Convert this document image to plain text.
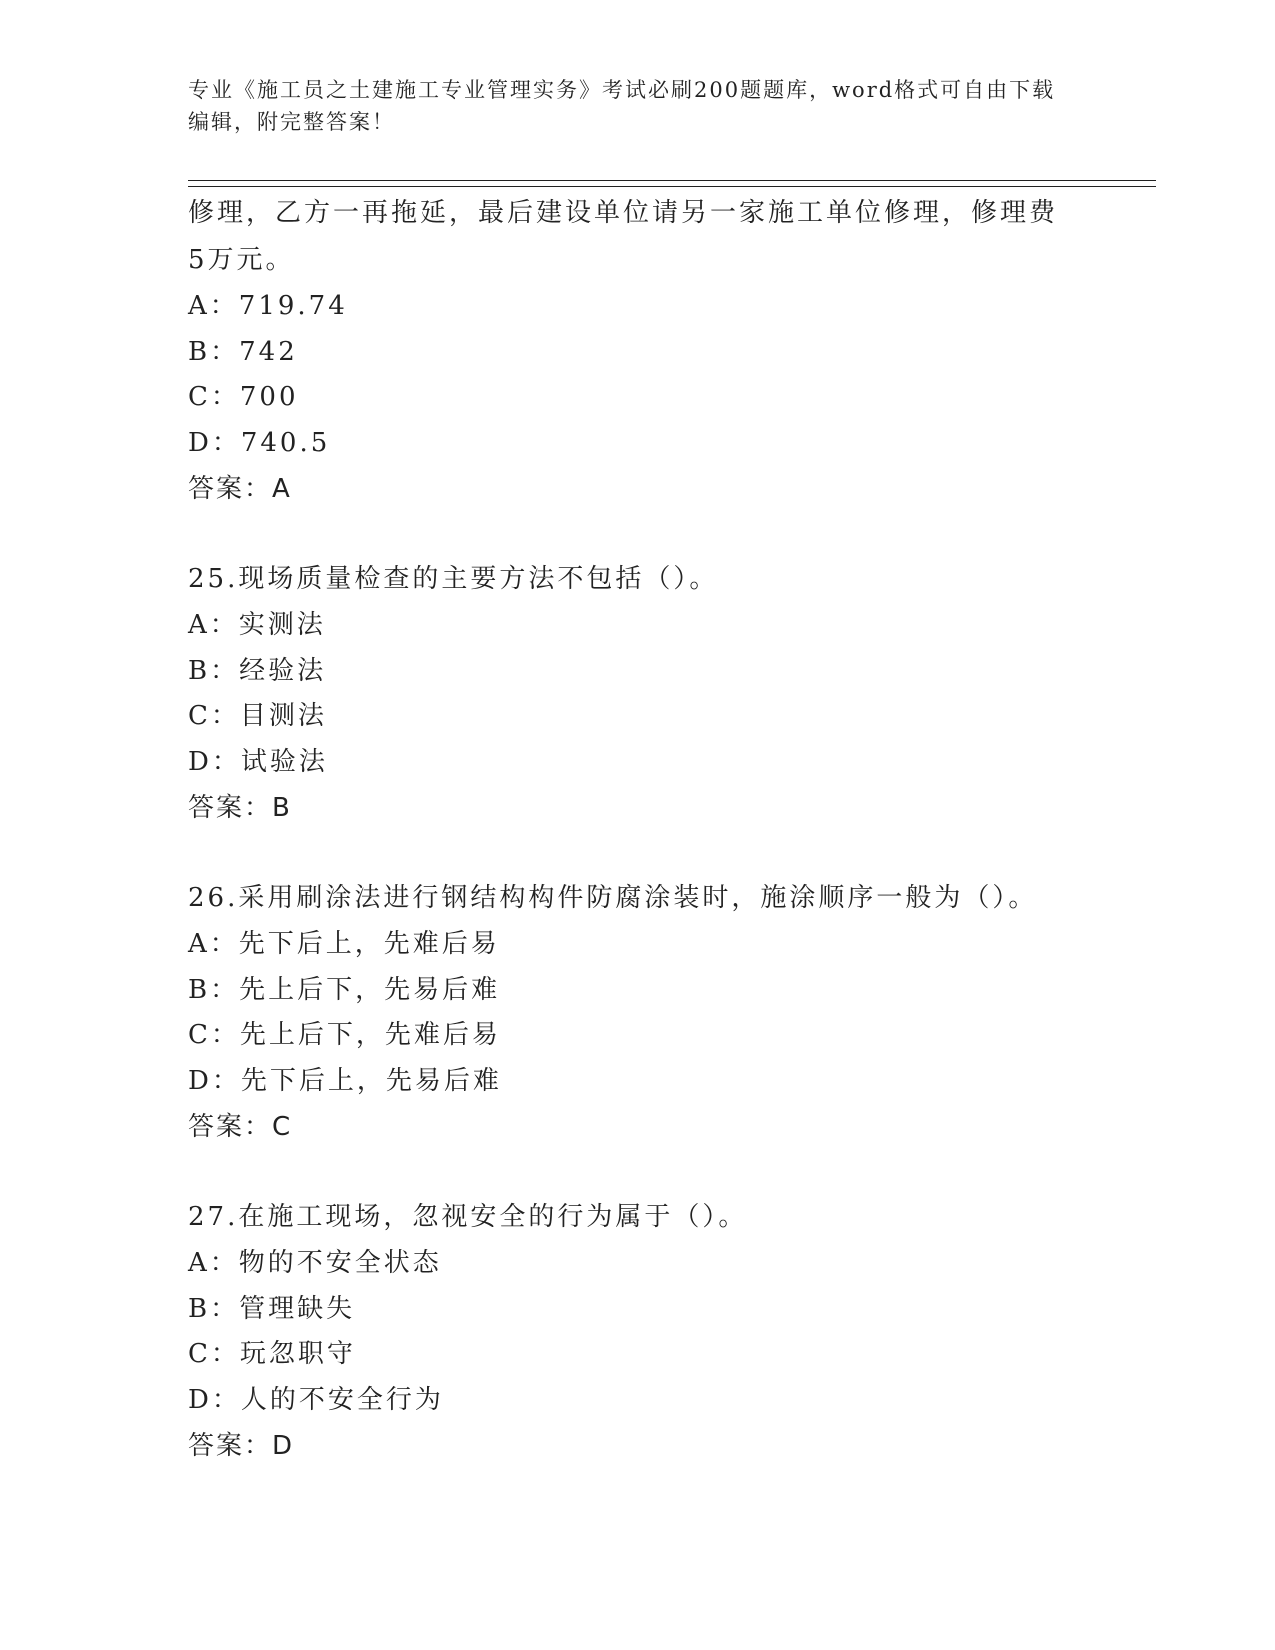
专业《施工员之土建施工专业管理实务》考试必刷200题题库，word格式可自由下载编辑，附完整答案！
修理，乙方一再拖延，最后建设单位请另一家施工单位修理，修理费
5万元。
A：719.74
B：742
C：700
D：740.5
答案：A
25.现场质量检查的主要方法不包括（）。
A：实测法
B：经验法
C：目测法
D：试验法
答案：B
26.采用刷涂法进行钢结构构件防腐涂装时，施涂顺序一般为（）。
A：先下后上，先难后易
B：先上后下，先易后难
C：先上后下，先难后易
D：先下后上，先易后难
答案：C
27.在施工现场，忽视安全的行为属于（）。
A：物的不安全状态
B：管理缺失
C：玩忽职守
D：人的不安全行为
答案：D
